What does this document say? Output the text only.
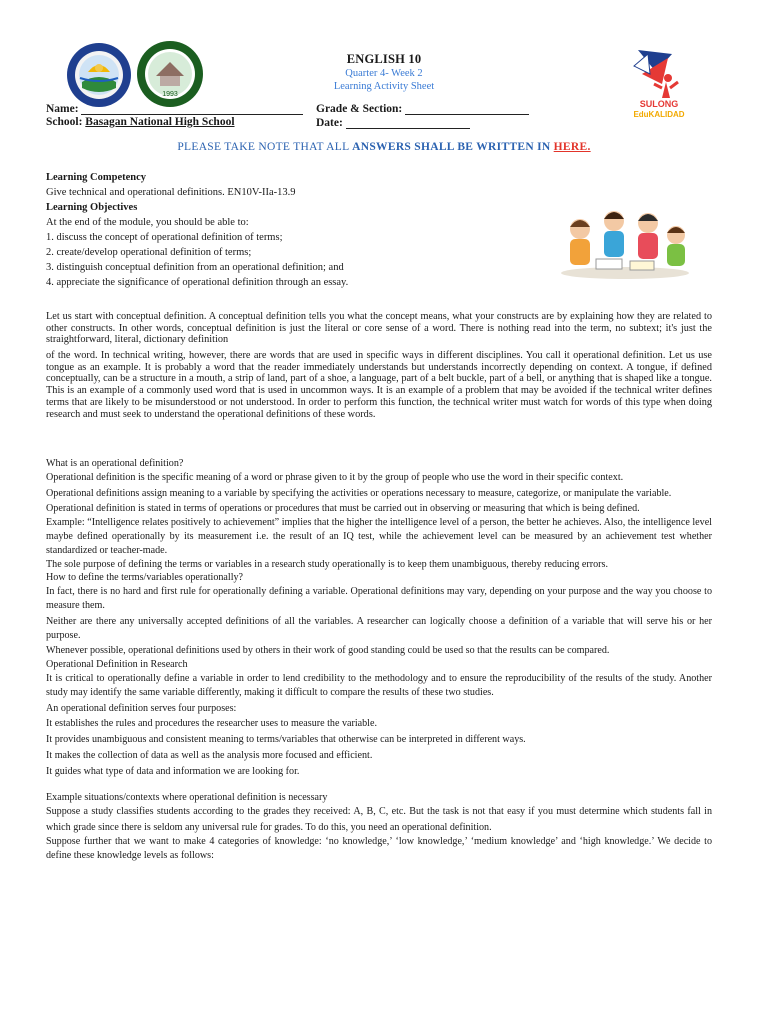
1993
ENGLISH 10
Quarter 4- Week 2
Learning Activity Sheet
SULONG
EduKALIDAD
Name:	Grade & Section:
School: Basagan National High School	Date:
PLEASE TAKE NOTE THAT ALL ANSWERS SHALL BE WRITTEN IN HERE.
Learning Competency
Give technical and operational definitions. EN10V-IIa-13.9
Learning Objectives
At the end of the module, you should be able to:
1. discuss the concept of operational definition of terms;
2. create/develop operational definition of terms;
3. distinguish conceptual definition from an operational definition; and
4. appreciate the significance of operational definition through an essay.
Let us start with conceptual definition. A conceptual definition tells you what the concept means, what your constructs are by explaining how they are related to other constructs. In other words, conceptual definition is just the literal or core sense of a word. There is nothing read into the term, no subtext; it's just the straightforward, literal, dictionary definition
of the word. In technical writing, however, there are words that are used in specific ways in different disciplines. You call it operational definition. Let us use tongue as an example. It is probably a word that the reader immediately understands but understands incorrectly depending on context. A tongue, if defined conceptually, can be a structure in a mouth, a strip of land, part of a shoe, a language, part of a belt buckle, part of a bell, or anything that is shaped like a tongue. This is an example of a commonly used word that is used in uncommon ways. It is an example of a problem that may be avoided if the technical writer defines terms that are likely to be misunderstood or not understood. In order to perform this function, the technical writer must watch for words of this type when doing research and must seek to understand the operational definitions of these words.

What is an operational definition?

Operational definition is the specific meaning of a word or phrase given to it by the group of people who use the word in their specific context.

Operational definitions assign meaning to a variable by specifying the activities or operations necessary to measure, categorize, or manipulate the variable.

Operational definition is stated in terms of operations or procedures that must be carried out in observing or measuring that which is being defined.

Example: “Intelligence relates positively to achievement” implies that the higher the intelligence level of a person, the better he achieves. Also, the intelligence level maybe defined operationally by its measurement i.e. the result of an IQ test, while the achievement level can be measured by an achievement test whether standardized or teacher-made.

The sole purpose of defining the terms or variables in a research study operationally is to keep them unambiguous, thereby reducing errors.

How to define the terms/variables operationally?

In fact, there is no hard and first rule for operationally defining a variable. Operational definitions may vary, depending on your purpose and the way you choose to measure them.

Neither are there any universally accepted definitions of all the variables. A researcher can logically choose a definition of a variable that will serve his or her purpose.

Whenever possible, operational definitions used by others in their work of good standing could be used so that the results can be compared.

Operational Definition in Research

It is critical to operationally define a variable in order to lend credibility to the methodology and to ensure the reproducibility of the results of the study. Another study may identify the same variable differently, making it difficult to compare the results of these two studies.

An operational definition serves four purposes:

It establishes the rules and procedures the researcher uses to measure the variable.

It provides unambiguous and consistent meaning to terms/variables that otherwise can be interpreted in different ways.

It makes the collection of data as well as the analysis more focused and efficient.

It guides what type of data and information we are looking for.

Example situations/contexts where operational definition is necessary

Suppose a study classifies students according to the grades they received: A, B, C, etc. But the task is not that easy if you must determine which students fall in which grade since there is seldom any universal rule for grades. To do this, you need an operational definition.

Suppose further that we want to make 4 categories of knowledge: ‘no knowledge,’ ‘low knowledge,’ ‘medium knowledge’ and ‘high knowledge.’ We decide to define these knowledge levels as follows:
